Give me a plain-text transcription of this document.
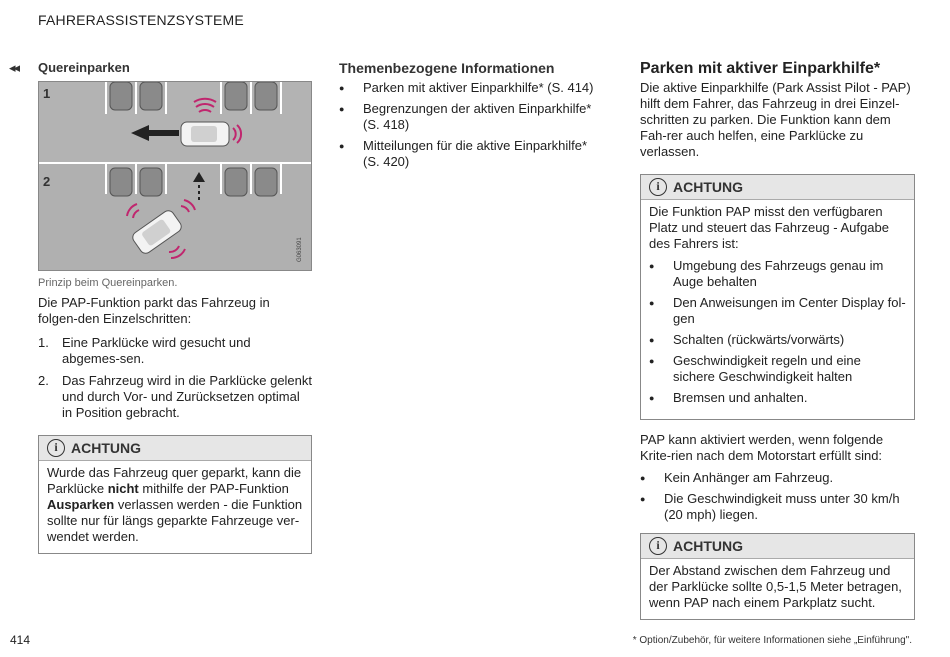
FAHRERASSISTENZSYSTEME
◂◂ Quereinparken
1
2
G063091
Prinzip beim Quereinparken.
Die PAP-Funktion parkt das Fahrzeug in folgen-den Einzelschritten:
1. Eine Parklücke wird gesucht und abgemes-sen.
2. Das Fahrzeug wird in die Parklücke gelenkt und durch Vor- und Zurücksetzen optimal in Position gebracht.
i ACHTUNG
Wurde das Fahrzeug quer geparkt, kann die Parklücke nicht mithilfe der PAP-Funktion Ausparken verlassen werden - die Funktion sollte nur für längs geparkte Fahrzeuge ver-wendet werden.
Themenbezogene Informationen
● Parken mit aktiver Einparkhilfe* (S. 414)
● Begrenzungen der aktiven Einparkhilfe* (S. 418)
● Mitteilungen für die aktive Einparkhilfe* (S. 420)
Parken mit aktiver Einparkhilfe*
Die aktive Einparkhilfe (Park Assist Pilot - PAP) hilft dem Fahrer, das Fahrzeug in drei Einzel-schritten zu parken. Die Funktion kann dem Fah-rer auch helfen, eine Parklücke zu verlassen.
i ACHTUNG
Die Funktion PAP misst den verfügbaren Platz und steuert das Fahrzeug - Aufgabe des Fahrers ist:
● Umgebung des Fahrzeugs genau im Auge behalten
● Den Anweisungen im Center Display fol-gen
● Schalten (rückwärts/vorwärts)
● Geschwindigkeit regeln und eine sichere Geschwindigkeit halten
● Bremsen und anhalten.
PAP kann aktiviert werden, wenn folgende Krite-rien nach dem Motorstart erfüllt sind:
● Kein Anhänger am Fahrzeug.
● Die Geschwindigkeit muss unter 30 km/h (20 mph) liegen.
i ACHTUNG
Der Abstand zwischen dem Fahrzeug und der Parklücke sollte 0,5-1,5 Meter betragen, wenn PAP nach einem Parkplatz sucht.
414	* Option/Zubehör, für weitere Informationen siehe „Einführung".
